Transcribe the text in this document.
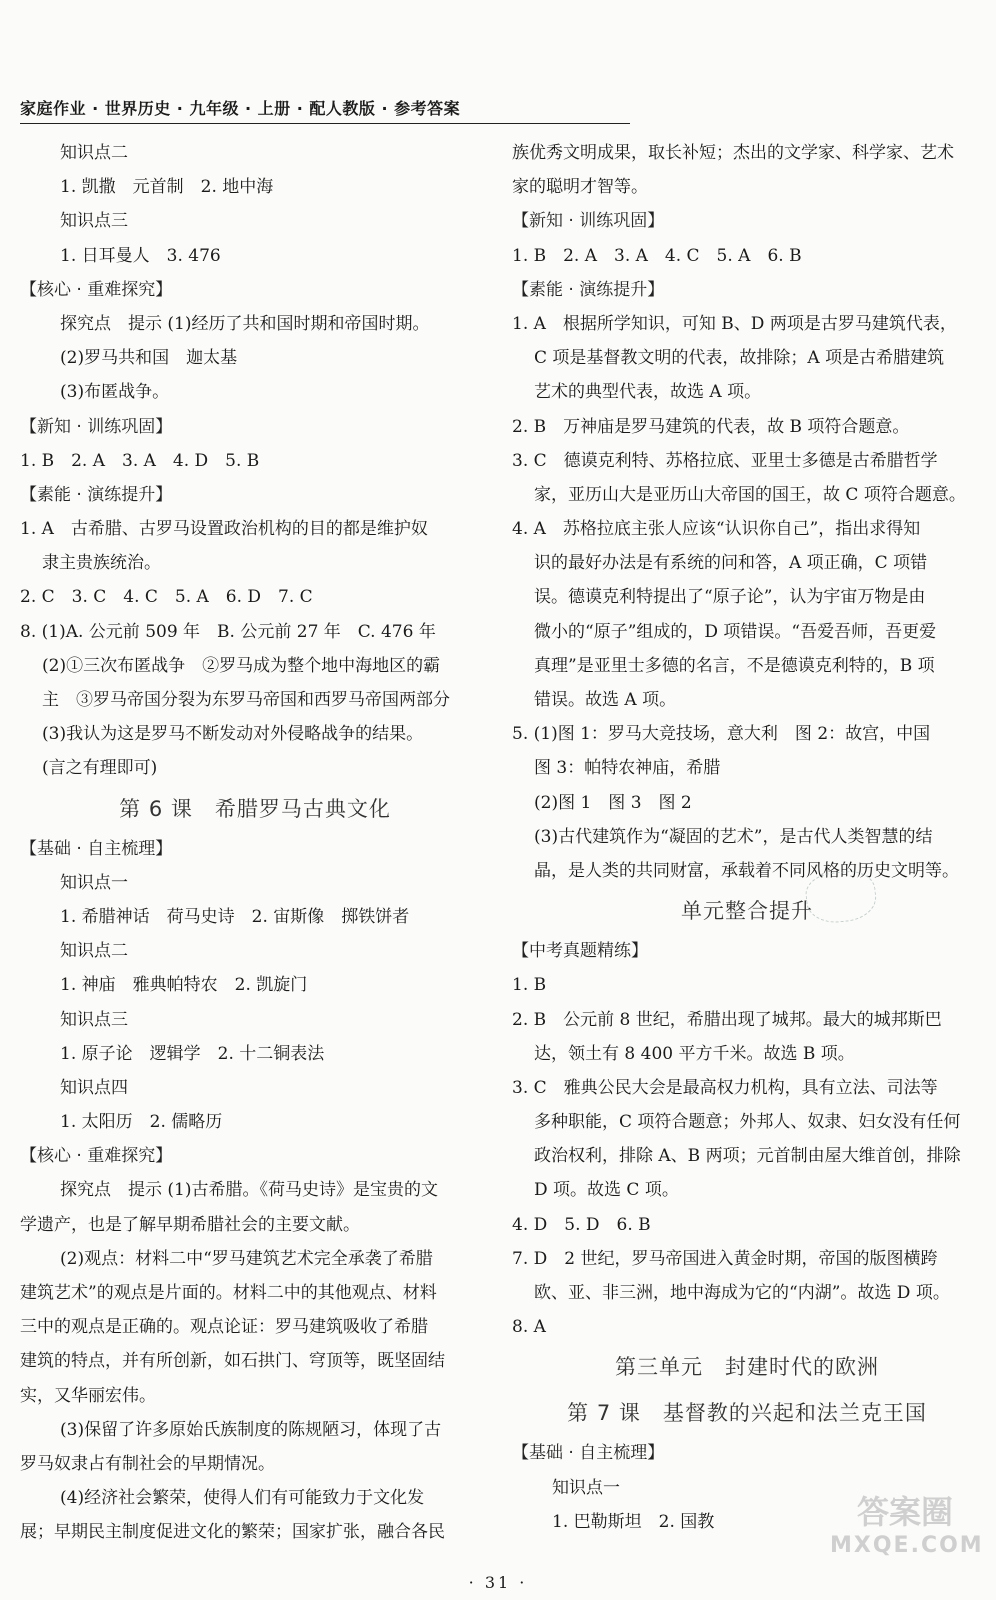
家庭作业 · 世界历史 · 九年级 · 上册 · 配人教版 · 参考答案
知识点二
1. 凯撒　元首制　2. 地中海
知识点三
1. 日耳曼人　3. 476
【核心 · 重难探究】
探究点　提示 (1)经历了共和国时期和帝国时期。
(2)罗马共和国　迦太基
(3)布匿战争。
【新知 · 训练巩固】
1. B　2. A　3. A　4. D　5. B
【素能 · 演练提升】
1. A　古希腊、古罗马设置政治机构的目的都是维护奴
隶主贵族统治。
2. C　3. C　4. C　5. A　6. D　7. C
8. (1)A. 公元前 509 年　B. 公元前 27 年　C. 476 年
(2)①三次布匿战争　②罗马成为整个地中海地区的霸
主　③罗马帝国分裂为东罗马帝国和西罗马帝国两部分
(3)我认为这是罗马不断发动对外侵略战争的结果。
(言之有理即可)
第 6 课　希腊罗马古典文化
【基础 · 自主梳理】
知识点一
1. 希腊神话　荷马史诗　2. 宙斯像　掷铁饼者
知识点二
1. 神庙　雅典帕特农　2. 凯旋门
知识点三
1. 原子论　逻辑学　2. 十二铜表法
知识点四
1. 太阳历　2. 儒略历
【核心 · 重难探究】
探究点　提示 (1)古希腊。《荷马史诗》是宝贵的文
学遗产，也是了解早期希腊社会的主要文献。
(2)观点：材料二中“罗马建筑艺术完全承袭了希腊
建筑艺术”的观点是片面的。材料二中的其他观点、材料
三中的观点是正确的。观点论证：罗马建筑吸收了希腊
建筑的特点，并有所创新，如石拱门、穹顶等，既坚固结
实，又华丽宏伟。
(3)保留了许多原始氏族制度的陈规陋习，体现了古
罗马奴隶占有制社会的早期情况。
(4)经济社会繁荣，使得人们有可能致力于文化发
展；早期民主制度促进文化的繁荣；国家扩张，融合各民
族优秀文明成果，取长补短；杰出的文学家、科学家、艺术
家的聪明才智等。
【新知 · 训练巩固】
1. B　2. A　3. A　4. C　5. A　6. B
【素能 · 演练提升】
1. A　根据所学知识，可知 B、D 两项是古罗马建筑代表，
C 项是基督教文明的代表，故排除；A 项是古希腊建筑
艺术的典型代表，故选 A 项。
2. B　万神庙是罗马建筑的代表，故 B 项符合题意。
3. C　德谟克利特、苏格拉底、亚里士多德是古希腊哲学
家，亚历山大是亚历山大帝国的国王，故 C 项符合题意。
4. A　苏格拉底主张人应该“认识你自己”，指出求得知
识的最好办法是有系统的问和答，A 项正确，C 项错
误。德谟克利特提出了“原子论”，认为宇宙万物是由
微小的“原子”组成的，D 项错误。“吾爱吾师，吾更爱
真理”是亚里士多德的名言，不是德谟克利特的，B 项
错误。故选 A 项。
5. (1)图 1：罗马大竞技场，意大利　图 2：故宫，中国
图 3：帕特农神庙，希腊
(2)图 1　图 3　图 2
(3)古代建筑作为“凝固的艺术”，是古代人类智慧的结
晶，是人类的共同财富，承载着不同风格的历史文明等。
单元整合提升
【中考真题精练】
1. B
2. B　公元前 8 世纪，希腊出现了城邦。最大的城邦斯巴
达，领土有 8 400 平方千米。故选 B 项。
3. C　雅典公民大会是最高权力机构，具有立法、司法等
多种职能，C 项符合题意；外邦人、奴隶、妇女没有任何
政治权利，排除 A、B 两项；元首制由屋大维首创，排除
D 项。故选 C 项。
4. D　5. D　6. B
7. D　2 世纪，罗马帝国进入黄金时期，帝国的版图横跨
欧、亚、非三洲，地中海成为它的“内湖”。故选 D 项。
8. A
第三单元　封建时代的欧洲
第 7 课　基督教的兴起和法兰克王国
【基础 · 自主梳理】
知识点一
1. 巴勒斯坦　2. 国教	答案圈
MXQE.COM
· 31 ·
